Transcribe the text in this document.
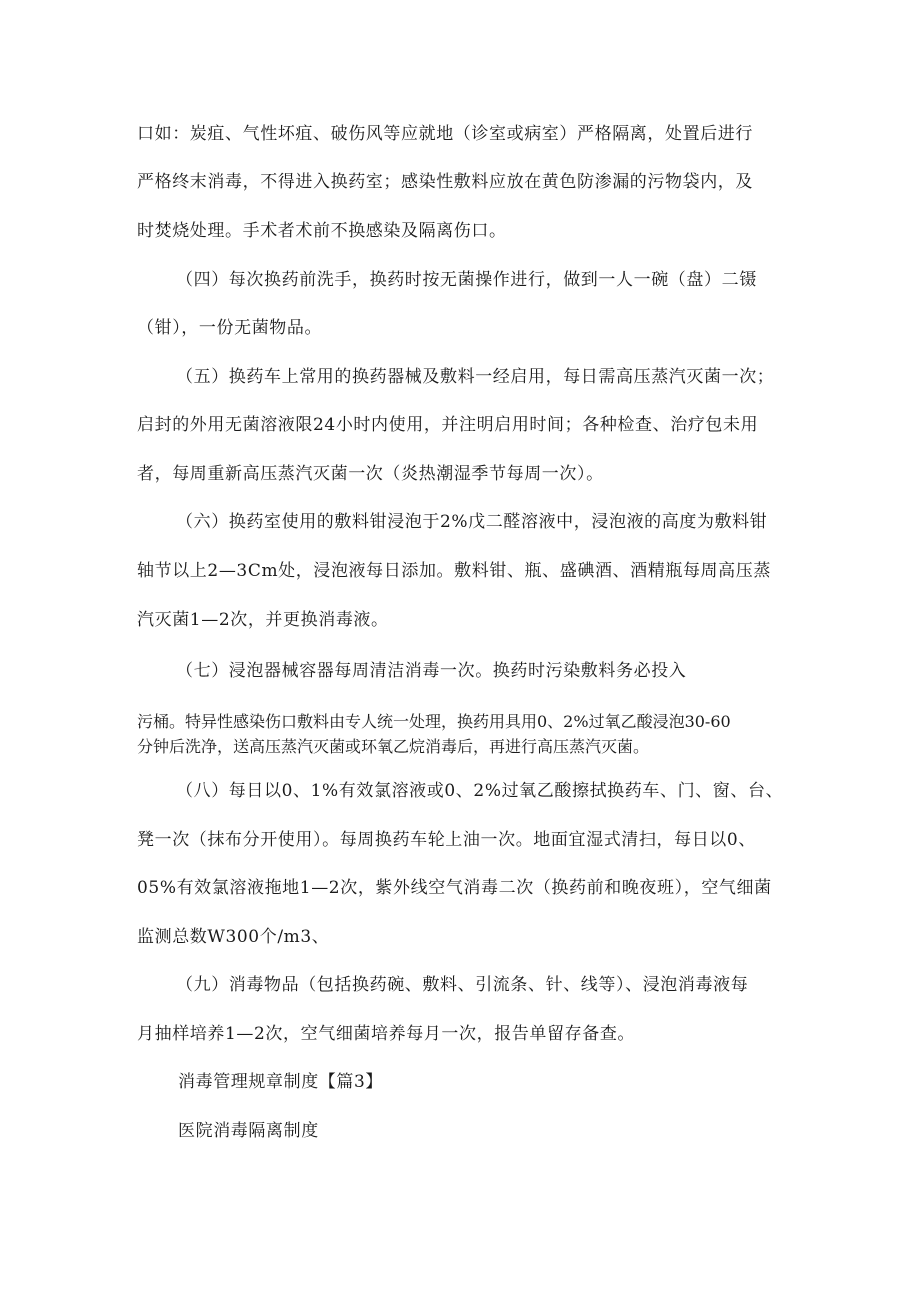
口如：炭疽、气性坏疽、破伤风等应就地（诊室或病室）严格隔离，处置后进行
严格终末消毒，不得进入换药室；感染性敷料应放在黄色防渗漏的污物袋内，及
时焚烧处理。手术者术前不换感染及隔离伤口。
（四）每次换药前洗手，换药时按无菌操作进行，做到一人一碗（盘）二镊
（钳），一份无菌物品。
（五）换药车上常用的换药器械及敷料一经启用，每日需高压蒸汽灭菌一次；
启封的外用无菌溶液限24小时内使用，并注明启用时间；各种检查、治疗包未用
者，每周重新高压蒸汽灭菌一次（炎热潮湿季节每周一次）。
（六）换药室使用的敷料钳浸泡于2%戊二醛溶液中，浸泡液的高度为敷料钳
轴节以上2—3Cm处，浸泡液每日添加。敷料钳、瓶、盛碘酒、酒精瓶每周高压蒸
汽灭菌1—2次，并更换消毒液。
（七）浸泡器械容器每周清洁消毒一次。换药时污染敷料务必投入
污桶。特异性感染伤口敷料由专人统一处理，换药用具用0、2%过氧乙酸浸泡30-60
分钟后洗净，送高压蒸汽灭菌或环氧乙烷消毒后，再进行高压蒸汽灭菌。
（八）每日以0、1%有效氯溶液或0、2%过氧乙酸擦拭换药车、门、窗、台、
凳一次（抹布分开使用）。每周换药车轮上油一次。地面宜湿式清扫，每日以0、
05%有效氯溶液拖地1—2次，紫外线空气消毒二次（换药前和晚夜班），空气细菌
监测总数W300个/m3、
（九）消毒物品（包括换药碗、敷料、引流条、针、线等）、浸泡消毒液每
月抽样培养1—2次，空气细菌培养每月一次，报告单留存备查。
消毒管理规章制度【篇3】
医院消毒隔离制度
